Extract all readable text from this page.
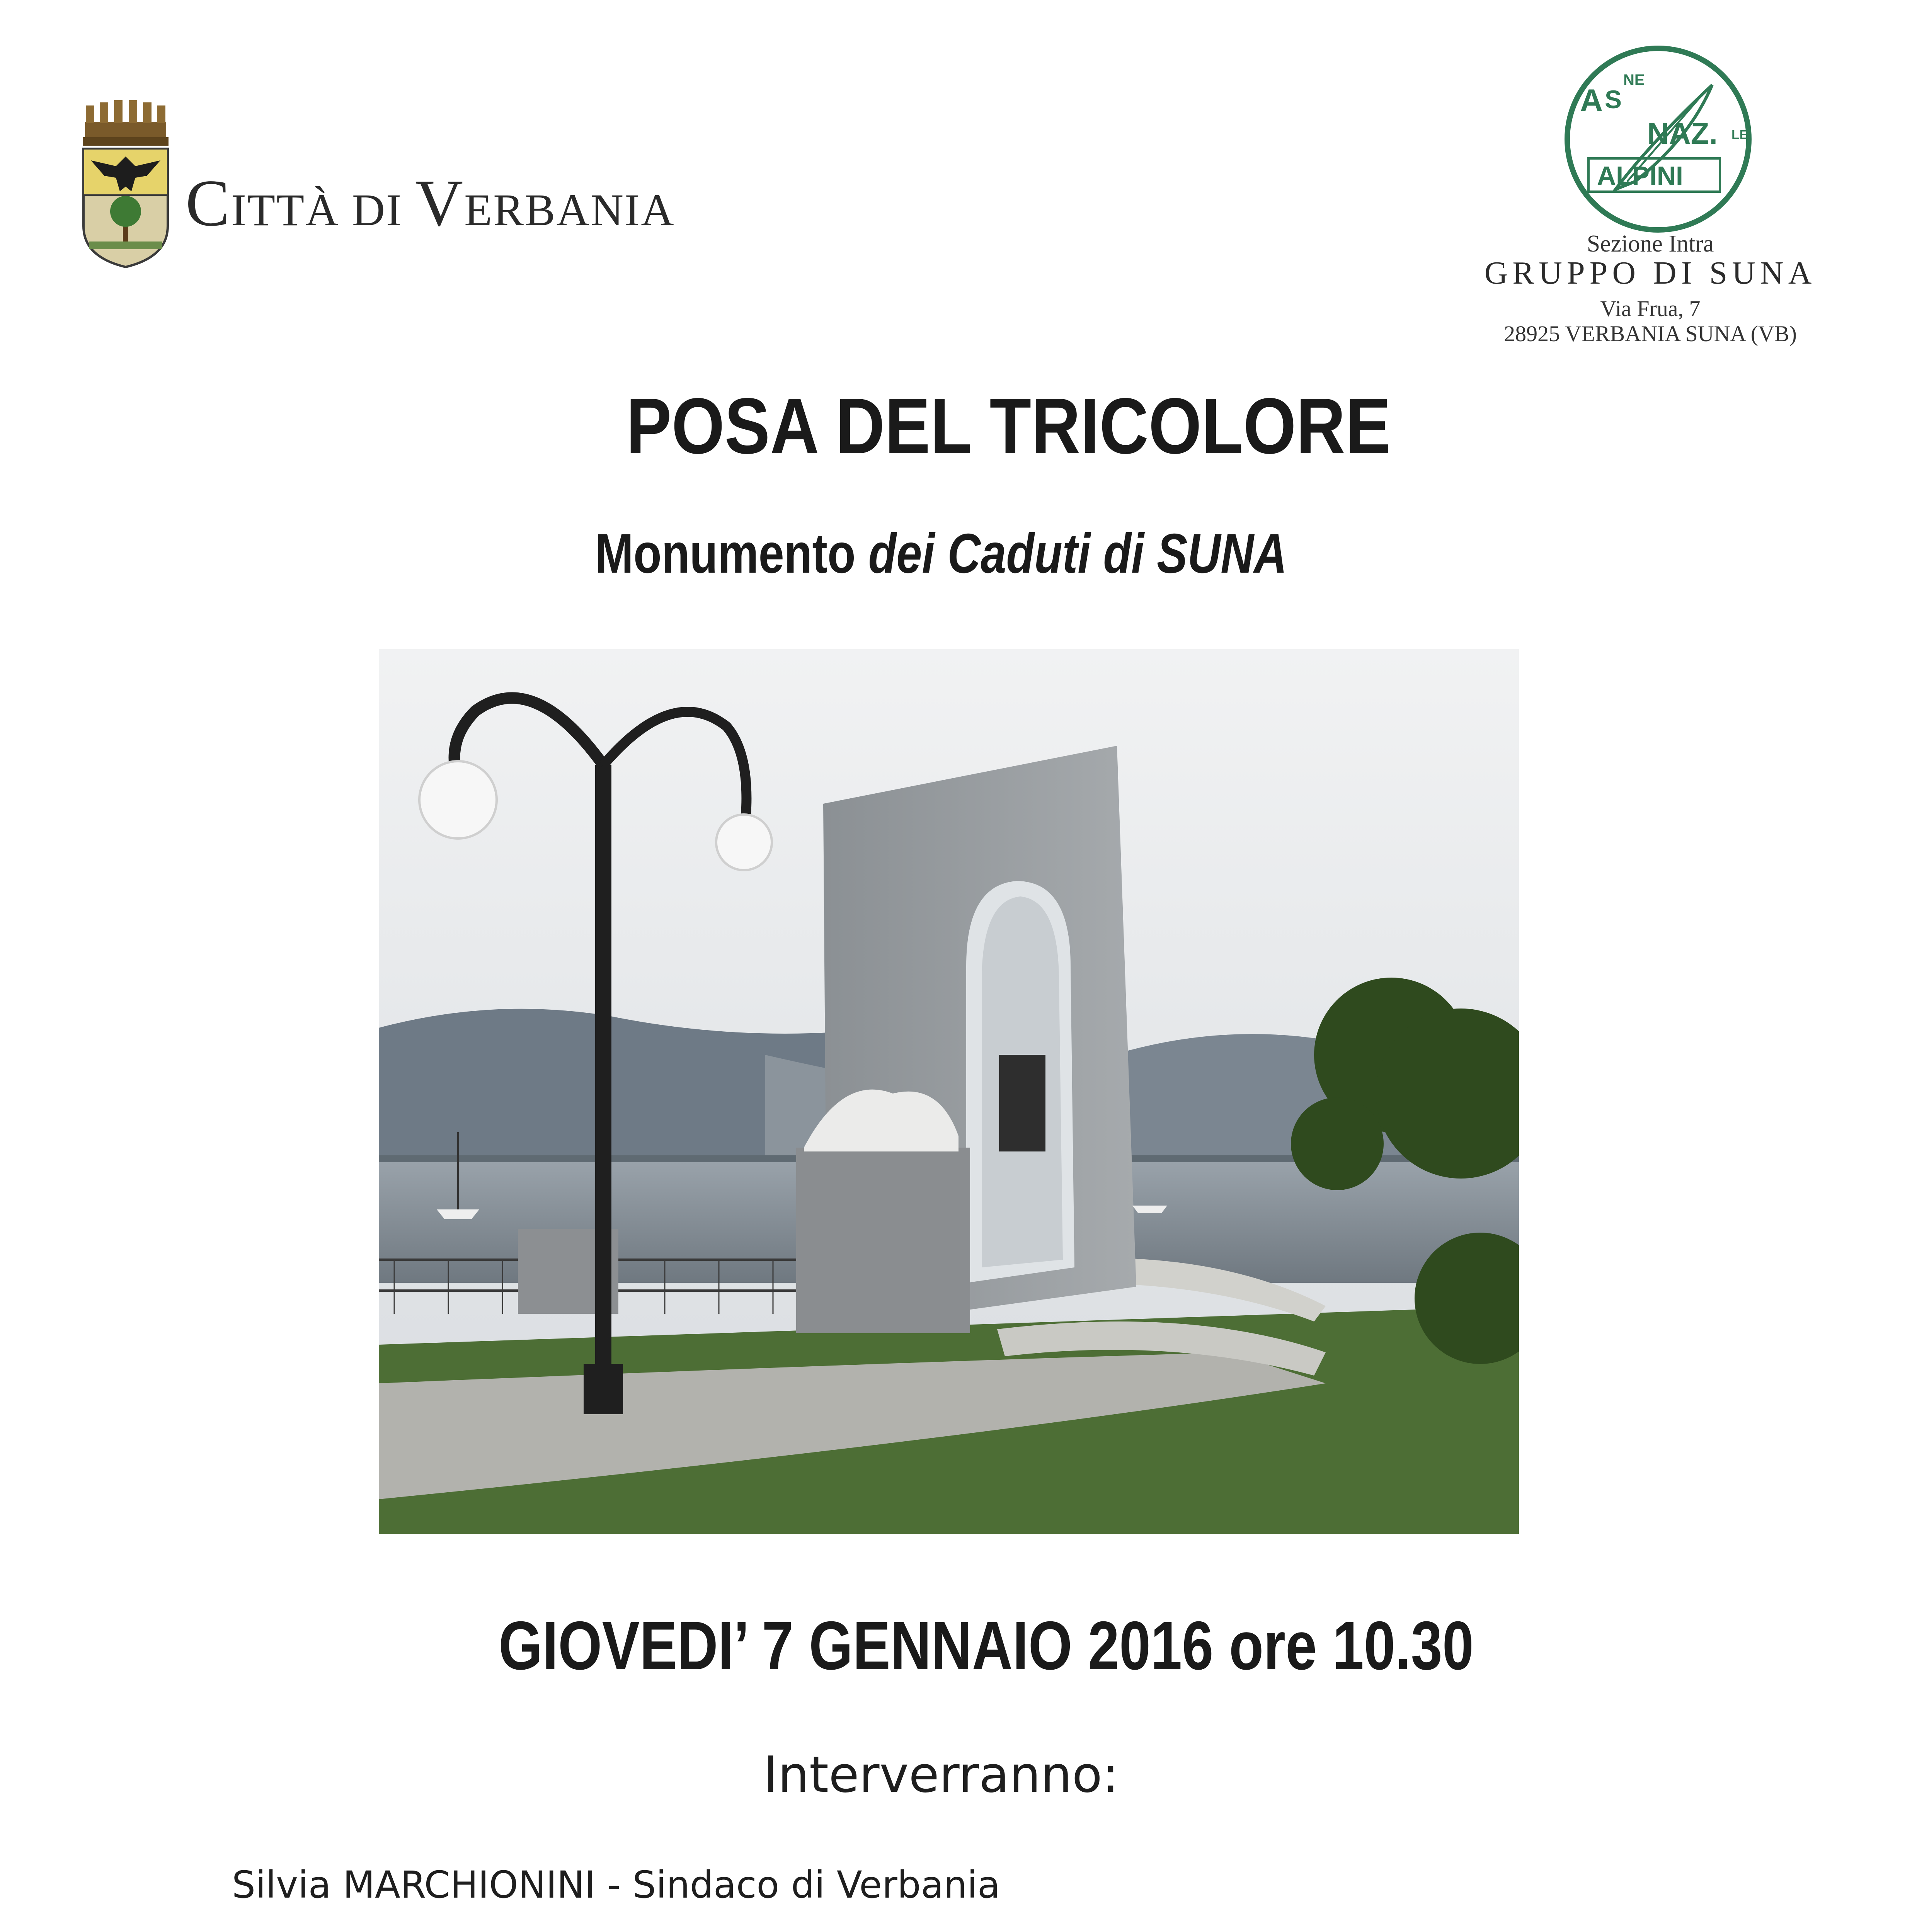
CITTÀ DI VERBANIA
A S
NE
NAZ. LE
ALPINI
Sezione Intra
GRUPPO DI SUNA
Via Frua, 7
28925 VERBANIA SUNA (VB)
POSA DEL TRICOLORE
Monumento dei Caduti di SUNA
GIOVEDI’ 7 GENNAIO 2016 ore 10.30
Interverranno:
Silvia MARCHIONINI - Sindaco di Verbania
